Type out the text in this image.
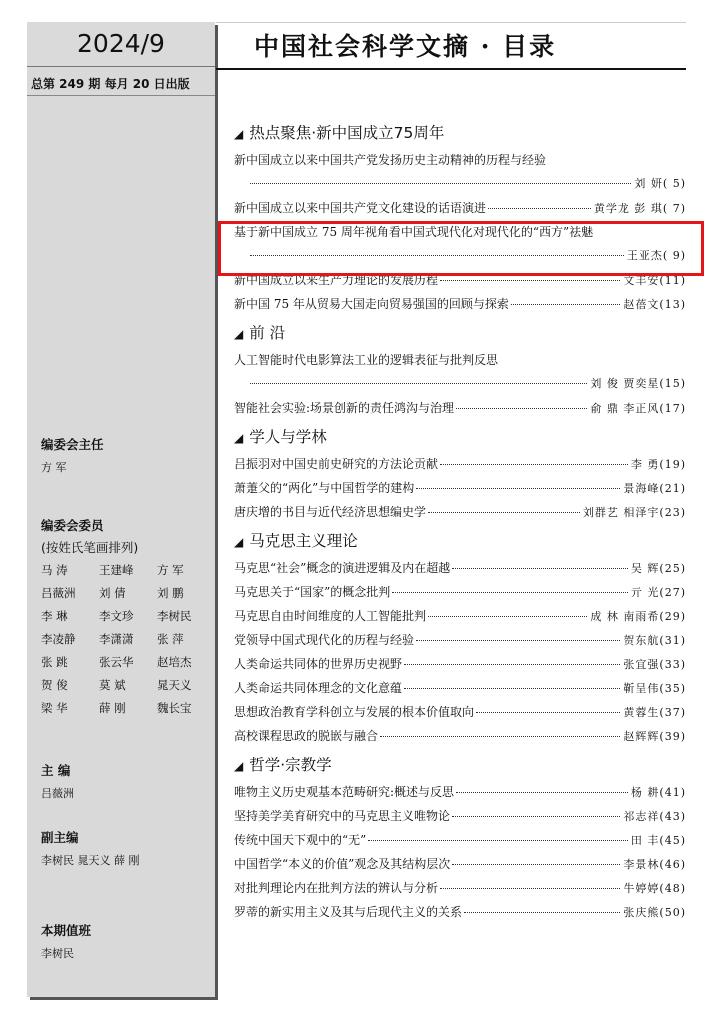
2024/9
总第 249 期 每月 20 日出版
编委会主任
方 军
编委会委员
(按姓氏笔画排列)
马 涛	王建峰	方 军
吕薇洲	刘 倩	刘 鹏
李 琳	李文珍	李树民
李凌静	李潇潇	张 萍
张 跳	张云华	赵培杰
贺 俊	莫 斌	晁天义
梁 华	薛 刚	魏长宝
主 编
吕薇洲
副主编
李树民 晁天义 薛 刚
本期值班
李树民
中国社会科学文摘 · 目录
◢ 热点聚焦·新中国成立75周年
新中国成立以来中国共产党发扬历史主动精神的历程与经验
刘 妍( 5)
新中国成立以来中国共产党文化建设的话语演进	黄学龙 彭 琪( 7)
基于新中国成立 75 周年视角看中国式现代化对现代化的“西方”祛魅
王亚杰( 9)
新中国成立以来生产力理论的发展历程	文丰安(11)
新中国 75 年从贸易大国走向贸易强国的回顾与探索	赵蓓文(13)
◢ 前 沿
人工智能时代电影算法工业的逻辑表征与批判反思
刘 俊 贾奕星(15)
智能社会实验:场景创新的责任鸿沟与治理	俞 鼎 李正风(17)
◢ 学人与学林
吕振羽对中国史前史研究的方法论贡献	李 勇(19)
萧萐父的“两化”与中国哲学的建构	景海峰(21)
唐庆增的书目与近代经济思想编史学	刘群艺 相泽宇(23)
◢ 马克思主义理论
马克思“社会”概念的演进逻辑及内在超越	吴 辉(25)
马克思关于“国家”的概念批判	亓 光(27)
马克思自由时间维度的人工智能批判	成 林 南雨希(29)
党领导中国式现代化的历程与经验	贺东航(31)
人类命运共同体的世界历史视野	张宜强(33)
人类命运共同体理念的文化意蕴	靳呈伟(35)
思想政治教育学科创立与发展的根本价值取向	黄蓉生(37)
高校课程思政的脱嵌与融合	赵辉辉(39)
◢ 哲学·宗教学
唯物主义历史观基本范畴研究:概述与反思	杨 耕(41)
坚持美学美育研究中的马克思主义唯物论	祁志祥(43)
传统中国天下观中的“无”	田 丰(45)
中国哲学“本义的价值”观念及其结构层次	李景林(46)
对批判理论内在批判方法的辨认与分析	牛婷婷(48)
罗蒂的新实用主义及其与后现代主义的关系	张庆熊(50)
